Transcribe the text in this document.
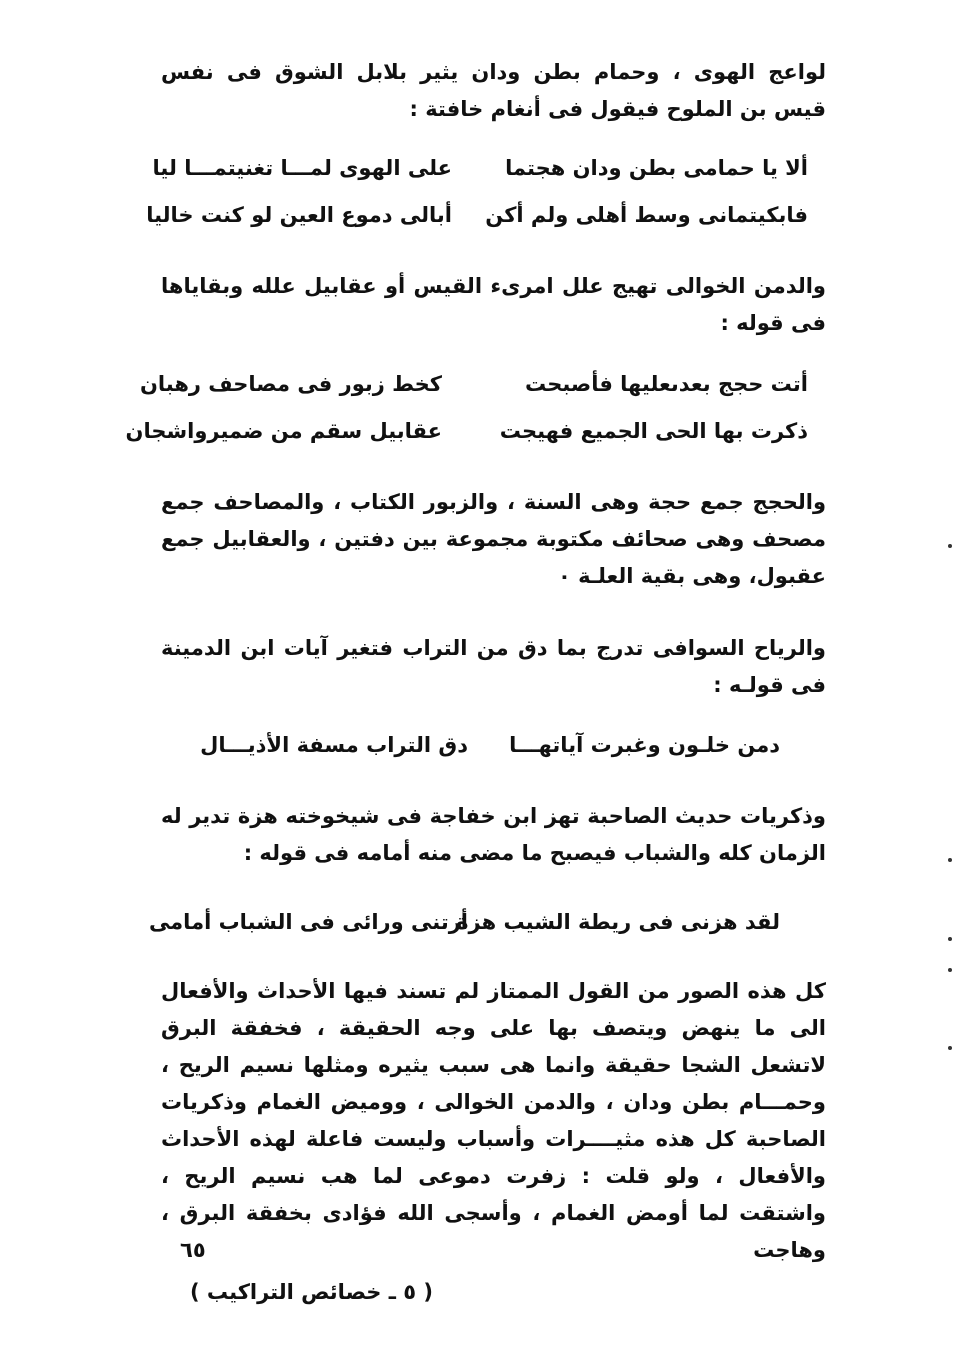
لواعج الهوى ، وحمام بطن ودان يثير بلابل الشوق فى نفس قيس بن الملوح فيقول فى أنغام خافتة :

ألا يا حمامى بطن ودان هجتما
على الهوى لمـــا تغنيتمـــا ليا
فابكيتمانى وسط أهلى ولم أكن
أبالى دموع العين لو كنت خاليا

والدمن الخوالى تهيج علل امرىء القيس أو عقابيل علله وبقاياها فى قوله :

أتت حجج بعدىعليها فأصبحت
كخط زبور فى مصاحف رهبان
ذكرت بها الحى الجميع فهيجت
عقابيل سقم من ضميرواشجان

والحجج جمع حجة وهى السنة ، والزبور الكتاب ، والمصاحف جمع مصحف وهى صحائف مكتوبة مجموعة بين دفتين ، والعقابيل جمع عقبول، وهى بقية العلـة ٠

والرياح السوافى تدرج بما دق من التراب فتغير آيات ابن الدمينة فى قولـه :

دمن خلـون وغبرت آياتهـــا
دق التراب مسفة الأذيـــال

وذكريات حديث الصاحبة تهز ابن خفاجة فى شيخوخته هزة تدير له الزمان كله والشباب فيصبح ما مضى منه أمامه فى قوله :

لقد هزنى فى ريطة الشيب هزة
أرتنى ورائى فى الشباب أمامى

كل هذه الصور من القول الممتاز لم تسند فيها الأحداث والأفعال الى ما ينهض ويتصف بها على وجه الحقيقة ، فخفقة البرق لاتشعل الشجا حقيقة وانما هى سبب يثيره ومثلها نسيم الريح ، وحمـــام بطن ودان ، والدمن الخوالى ، ووميض الغمام وذكريات الصاحبة كل هذه مثيــــرات وأسباب وليست فاعلة لهذه الأحداث والأفعال ، ولو قلت : زفرت دموعى لما هب نسيم الريح ، واشتقت لما أومض الغمام ، وأسجى الله فؤادى بخفقة البرق ، وهاجت

٦٥
( ٥ ـ خصائص التراكيب )
